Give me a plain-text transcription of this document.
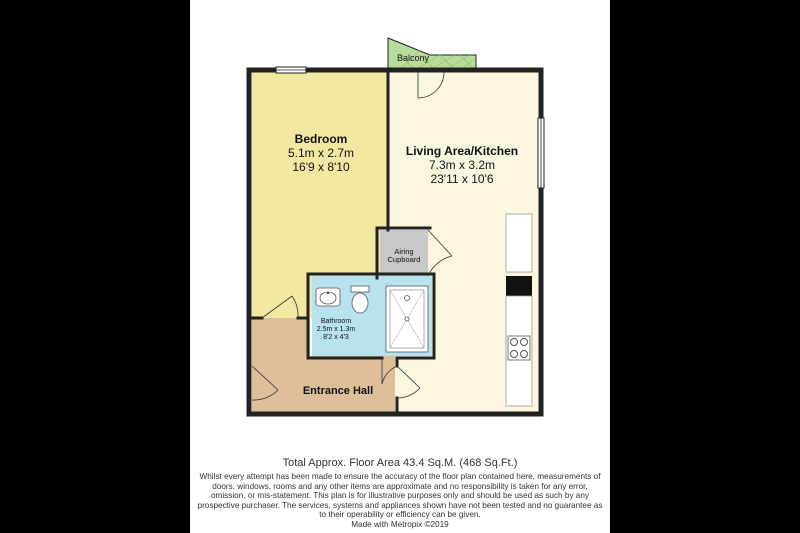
Balcony
Bedroom
5.1m x 2.7m
16'9 x 8'10
Living Area/Kitchen
7.3m x 3.2m
23'11 x 10'6
Airing
Cupboard
Bathroom
2.5m x 1.3m
8'2 x 4'3
Entrance Hall
Total Approx. Floor Area 43.4 Sq.M. (468 Sq.Ft.)
Whilst every attempt has been made to ensure the accuracy of the floor plan contained here, measurements of doors, windows, rooms and any other items are approximate and no responsibility is taken for any error, omission, or mis-statement. This plan is for illustrative purposes only and should be used as such by any prospective purchaser. The services, systems and appliances shown have not been tested and no guarantee as to their operability or efficiency can be given.
Made with Metropix ©2019
